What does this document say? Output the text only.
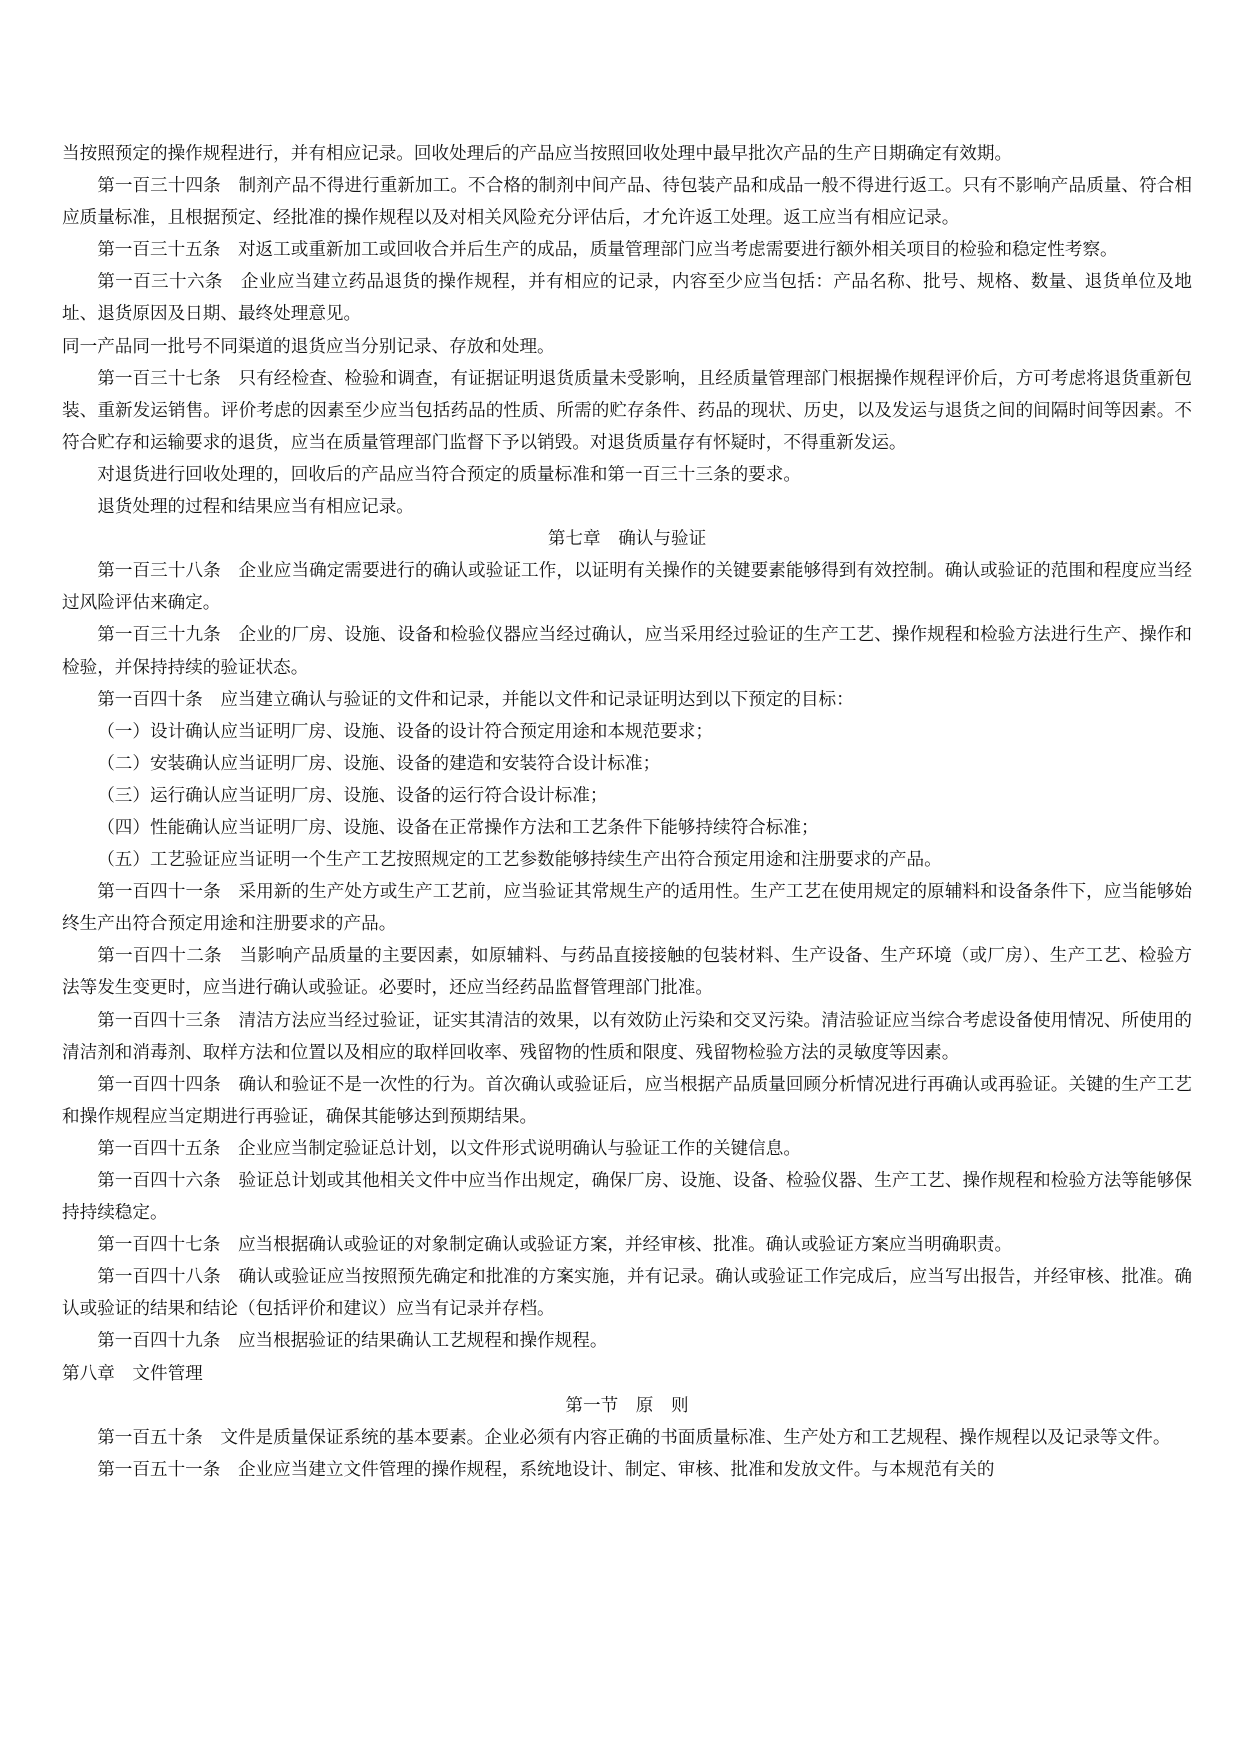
当按照预定的操作规程进行，并有相应记录。回收处理后的产品应当按照回收处理中最早批次产品的生产日期确定有效期。

第一百三十四条　制剂产品不得进行重新加工。不合格的制剂中间产品、待包装产品和成品一般不得进行返工。只有不影响产品质量、符合相应质量标准，且根据预定、经批准的操作规程以及对相关风险充分评估后，才允许返工处理。返工应当有相应记录。

第一百三十五条　对返工或重新加工或回收合并后生产的成品，质量管理部门应当考虑需要进行额外相关项目的检验和稳定性考察。

第一百三十六条　企业应当建立药品退货的操作规程，并有相应的记录，内容至少应当包括：产品名称、批号、规格、数量、退货单位及地址、退货原因及日期、最终处理意见。

同一产品同一批号不同渠道的退货应当分别记录、存放和处理。

第一百三十七条　只有经检查、检验和调查，有证据证明退货质量未受影响，且经质量管理部门根据操作规程评价后，方可考虑将退货重新包装、重新发运销售。评价考虑的因素至少应当包括药品的性质、所需的贮存条件、药品的现状、历史，以及发运与退货之间的间隔时间等因素。不符合贮存和运输要求的退货，应当在质量管理部门监督下予以销毁。对退货质量存有怀疑时，不得重新发运。

对退货进行回收处理的，回收后的产品应当符合预定的质量标准和第一百三十三条的要求。

退货处理的过程和结果应当有相应记录。

第七章　确认与验证

第一百三十八条　企业应当确定需要进行的确认或验证工作，以证明有关操作的关键要素能够得到有效控制。确认或验证的范围和程度应当经过风险评估来确定。

第一百三十九条　企业的厂房、设施、设备和检验仪器应当经过确认，应当采用经过验证的生产工艺、操作规程和检验方法进行生产、操作和检验，并保持持续的验证状态。

第一百四十条　应当建立确认与验证的文件和记录，并能以文件和记录证明达到以下预定的目标：

（一）设计确认应当证明厂房、设施、设备的设计符合预定用途和本规范要求；

（二）安装确认应当证明厂房、设施、设备的建造和安装符合设计标准；

（三）运行确认应当证明厂房、设施、设备的运行符合设计标准；

（四）性能确认应当证明厂房、设施、设备在正常操作方法和工艺条件下能够持续符合标准；

（五）工艺验证应当证明一个生产工艺按照规定的工艺参数能够持续生产出符合预定用途和注册要求的产品。

第一百四十一条　采用新的生产处方或生产工艺前，应当验证其常规生产的适用性。生产工艺在使用规定的原辅料和设备条件下，应当能够始终生产出符合预定用途和注册要求的产品。

第一百四十二条　当影响产品质量的主要因素，如原辅料、与药品直接接触的包装材料、生产设备、生产环境（或厂房）、生产工艺、检验方法等发生变更时，应当进行确认或验证。必要时，还应当经药品监督管理部门批准。

第一百四十三条　清洁方法应当经过验证，证实其清洁的效果，以有效防止污染和交叉污染。清洁验证应当综合考虑设备使用情况、所使用的清洁剂和消毒剂、取样方法和位置以及相应的取样回收率、残留物的性质和限度、残留物检验方法的灵敏度等因素。

第一百四十四条　确认和验证不是一次性的行为。首次确认或验证后，应当根据产品质量回顾分析情况进行再确认或再验证。关键的生产工艺和操作规程应当定期进行再验证，确保其能够达到预期结果。

第一百四十五条　企业应当制定验证总计划，以文件形式说明确认与验证工作的关键信息。

第一百四十六条　验证总计划或其他相关文件中应当作出规定，确保厂房、设施、设备、检验仪器、生产工艺、操作规程和检验方法等能够保持持续稳定。

第一百四十七条　应当根据确认或验证的对象制定确认或验证方案，并经审核、批准。确认或验证方案应当明确职责。

第一百四十八条　确认或验证应当按照预先确定和批准的方案实施，并有记录。确认或验证工作完成后，应当写出报告，并经审核、批准。确认或验证的结果和结论（包括评价和建议）应当有记录并存档。

第一百四十九条　应当根据验证的结果确认工艺规程和操作规程。

第八章　文件管理

第一节　原　则

第一百五十条　文件是质量保证系统的基本要素。企业必须有内容正确的书面质量标准、生产处方和工艺规程、操作规程以及记录等文件。

第一百五十一条　企业应当建立文件管理的操作规程，系统地设计、制定、审核、批准和发放文件。与本规范有关的
